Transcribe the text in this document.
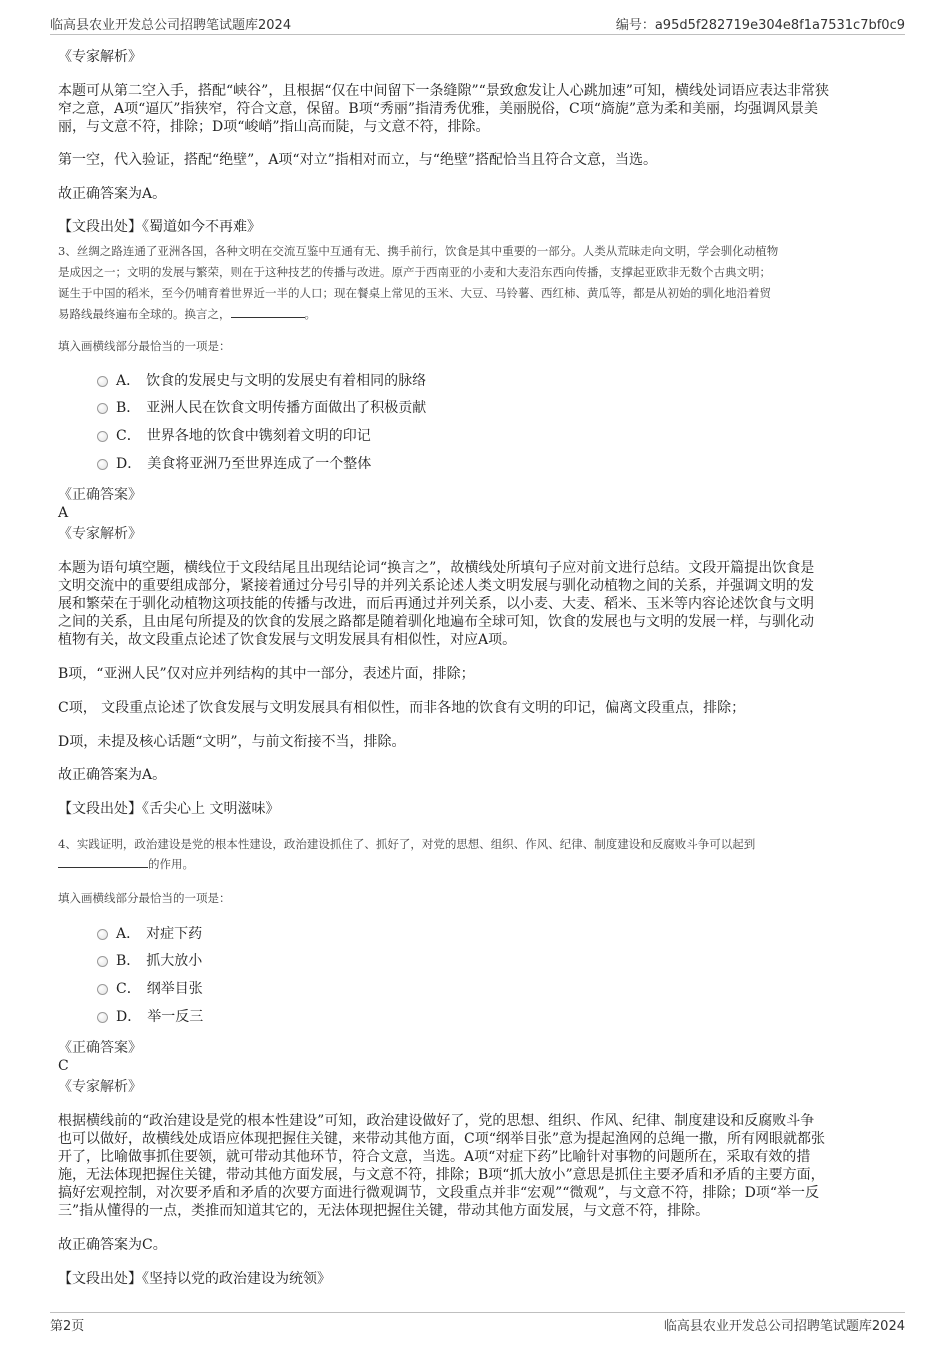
临高县农业开发总公司招聘笔试题库2024	编号：a95d5f282719e304e8f1a7531c7bf0c9
《专家解析》
本题可从第二空入手，搭配“峡谷”，且根据“仅在中间留下一条缝隙”“景致愈发让人心跳加速”可知，横线处词语应表达非常狭
窄之意，A项“逼仄”指狭窄，符合文意，保留。B项“秀丽”指清秀优雅，美丽脱俗，C项“旖旎”意为柔和美丽，均强调风景美
丽，与文意不符，排除；D项“峻峭”指山高而陡，与文意不符，排除。
第一空，代入验证，搭配“绝壁”，A项“对立”指相对而立，与“绝壁”搭配恰当且符合文意，当选。
故正确答案为A。
【文段出处】《蜀道如今不再难》
3、丝绸之路连通了亚洲各国，各种文明在交流互鉴中互通有无、携手前行，饮食是其中重要的一部分。人类从荒昧走向文明，学会驯化动植物
是成因之一；文明的发展与繁荣，则在于这种技艺的传播与改进。原产于西南亚的小麦和大麦沿东西向传播，支撑起亚欧非无数个古典文明；
诞生于中国的稻米，至今仍哺育着世界近一半的人口；现在餐桌上常见的玉米、大豆、马铃薯、西红柿、黄瓜等，都是从初始的驯化地沿着贸
易路线最终遍布全球的。换言之，	。
填入画横线部分最恰当的一项是：
A． 饮食的发展史与文明的发展史有着相同的脉络
B． 亚洲人民在饮食文明传播方面做出了积极贡献
C． 世界各地的饮食中镌刻着文明的印记
D． 美食将亚洲乃至世界连成了一个整体
《正确答案》
A
《专家解析》
本题为语句填空题，横线位于文段结尾且出现结论词“换言之”，故横线处所填句子应对前文进行总结。文段开篇提出饮食是
文明交流中的重要组成部分，紧接着通过分号引导的并列关系论述人类文明发展与驯化动植物之间的关系，并强调文明的发
展和繁荣在于驯化动植物这项技能的传播与改进，而后再通过并列关系，以小麦、大麦、稻米、玉米等内容论述饮食与文明
之间的关系，且由尾句所提及的饮食的发展之路都是随着驯化地遍布全球可知，饮食的发展也与文明的发展一样，与驯化动
植物有关，故文段重点论述了饮食发展与文明发展具有相似性，对应A项。
B项，“亚洲人民”仅对应并列结构的其中一部分，表述片面，排除；
C项， 文段重点论述了饮食发展与文明发展具有相似性，而非各地的饮食有文明的印记，偏离文段重点，排除；
D项，未提及核心话题“文明”，与前文衔接不当，排除。
故正确答案为A。
【文段出处】《舌尖心上 文明滋味》
4、实践证明，政治建设是党的根本性建设，政治建设抓住了、抓好了，对党的思想、组织、作风、纪律、制度建设和反腐败斗争可以起到
的作用。
填入画横线部分最恰当的一项是：
A． 对症下药
B． 抓大放小
C． 纲举目张
D． 举一反三
《正确答案》
C
《专家解析》
根据横线前的“政治建设是党的根本性建设”可知，政治建设做好了，党的思想、组织、作风、纪律、制度建设和反腐败斗争
也可以做好，故横线处成语应体现把握住关键，来带动其他方面，C项“纲举目张”意为提起渔网的总绳一撒，所有网眼就都张
开了，比喻做事抓住要领，就可带动其他环节，符合文意，当选。A项“对症下药”比喻针对事物的问题所在，采取有效的措
施，无法体现把握住关键，带动其他方面发展，与文意不符，排除；B项“抓大放小”意思是抓住主要矛盾和矛盾的主要方面，
搞好宏观控制，对次要矛盾和矛盾的次要方面进行微观调节，文段重点并非“宏观”“微观”，与文意不符，排除；D项“举一反
三”指从懂得的一点，类推而知道其它的，无法体现把握住关键，带动其他方面发展，与文意不符，排除。
故正确答案为C。
【文段出处】《坚持以党的政治建设为统领》
第2页	临高县农业开发总公司招聘笔试题库2024
